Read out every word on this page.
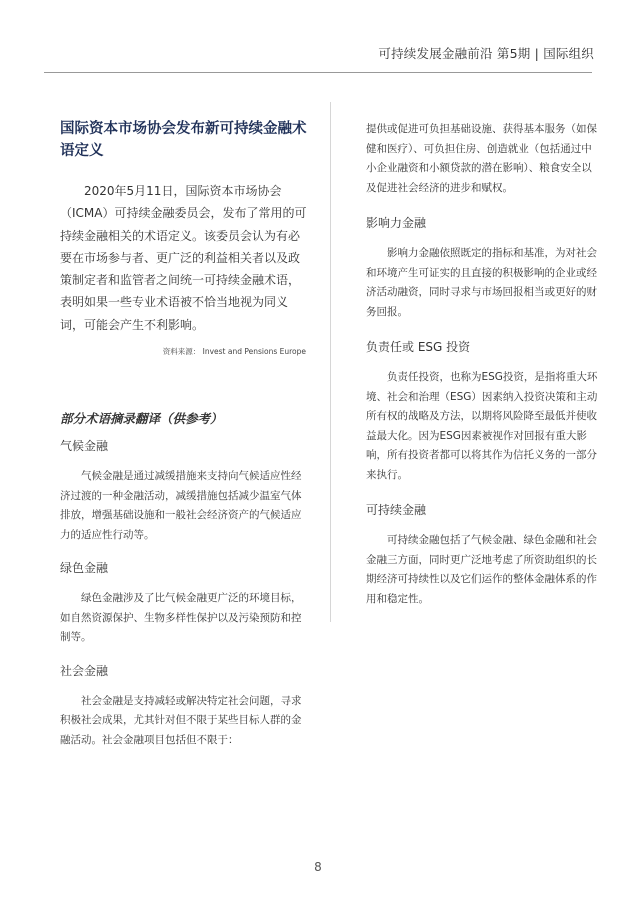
可持续发展金融前沿 第5期 | 国际组织
国际资本市场协会发布新可持续金融术语定义

2020年5月11日，国际资本市场协会（ICMA）可持续金融委员会，发布了常用的可持续金融相关的术语定义。该委员会认为有必要在市场参与者、更广泛的利益相关者以及政策制定者和监管者之间统一可持续金融术语，表明如果一些专业术语被不恰当地视为同义词，可能会产生不利影响。

资料来源： Invest and Pensions Europe
部分术语摘录翻译（供参考）
气候金融

气候金融是通过减缓措施来支持向气候适应性经济过渡的一种金融活动，减缓措施包括减少温室气体排放，增强基础设施和一般社会经济资产的气候适应力的适应性行动等。

绿色金融

绿色金融涉及了比气候金融更广泛的环境目标，如自然资源保护、生物多样性保护以及污染预防和控制等。

社会金融

社会金融是支持减轻或解决特定社会问题，寻求积极社会成果，尤其针对但不限于某些目标人群的金融活动。社会金融项目包括但不限于：

提供或促进可负担基础设施、获得基本服务（如保健和医疗）、可负担住房、创造就业（包括通过中小企业融资和小额贷款的潜在影响）、粮食安全以及促进社会经济的进步和赋权。

影响力金融

影响力金融依照既定的指标和基准，为对社会和环境产生可证实的且直接的积极影响的企业或经济活动融资，同时寻求与市场回报相当或更好的财务回报。

负责任或 ESG 投资

负责任投资，也称为ESG投资，是指将重大环境、社会和治理（ESG）因素纳入投资决策和主动所有权的战略及方法，以期将风险降至最低并使收益最大化。因为ESG因素被视作对回报有重大影响，所有投资者都可以将其作为信托义务的一部分来执行。

可持续金融

可持续金融包括了气候金融、绿色金融和社会金融三方面，同时更广泛地考虑了所资助组织的长期经济可持续性以及它们运作的整体金融体系的作用和稳定性。

8
